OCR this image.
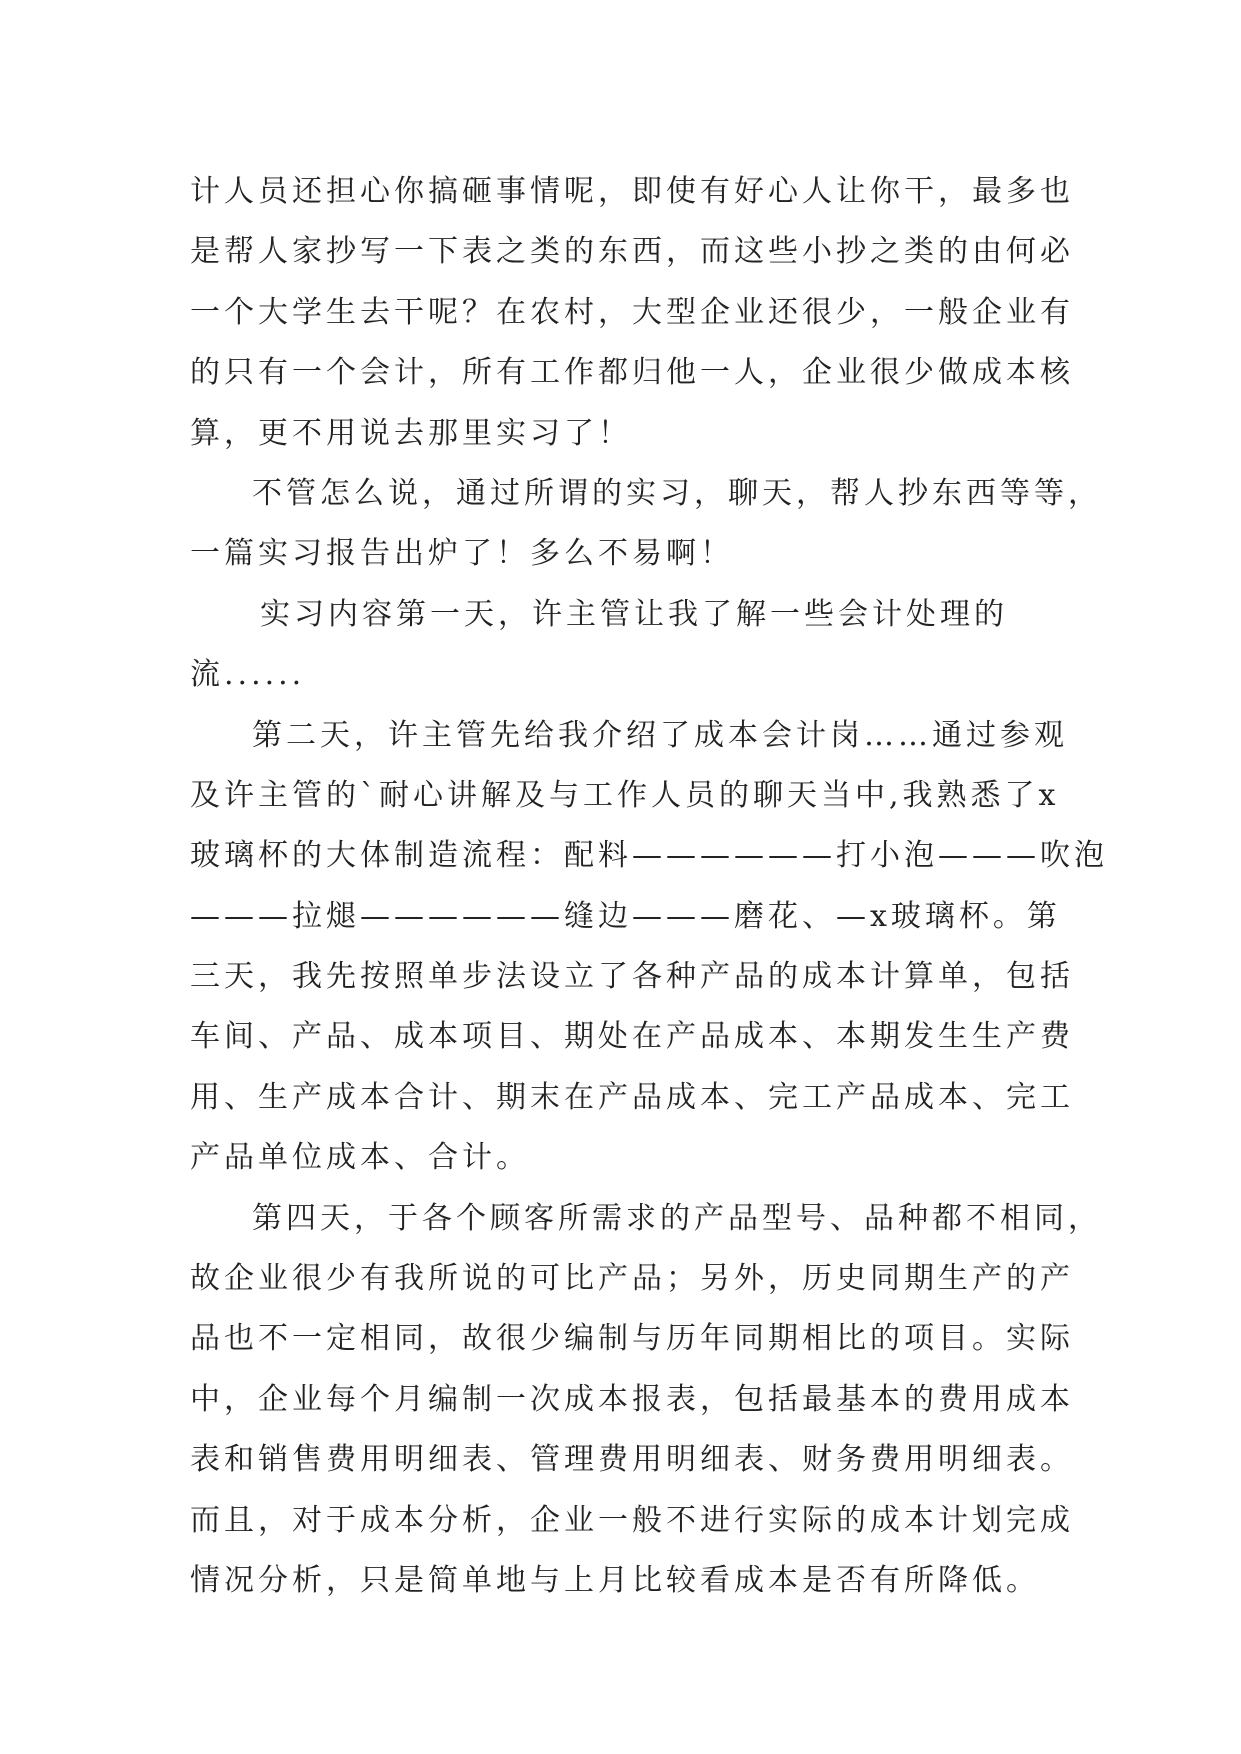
计人员还担心你搞砸事情呢，即使有好心人让你干，最多也
是帮人家抄写一下表之类的东西，而这些小抄之类的由何必
一个大学生去干呢？在农村，大型企业还很少，一般企业有
的只有一个会计，所有工作都归他一人，企业很少做成本核
算，更不用说去那里实习了！
不管怎么说，通过所谓的实习，聊天，帮人抄东西等等，
一篇实习报告出炉了！多么不易啊！
实习内容第一天，许主管让我了解一些会计处理的
流......
第二天，许主管先给我介绍了成本会计岗……通过参观
及许主管的`耐心讲解及与工作人员的聊天当中,我熟悉了x
玻璃杯的大体制造流程：配料——————打小泡———吹泡
———拉煺——————缝边———磨花、—x玻璃杯。第
三天，我先按照单步法设立了各种产品的成本计算单，包括
车间、产品、成本项目、期处在产品成本、本期发生生产费
用、生产成本合计、期末在产品成本、完工产品成本、完工
产品单位成本、合计。
第四天，于各个顾客所需求的产品型号、品种都不相同，
故企业很少有我所说的可比产品；另外，历史同期生产的产
品也不一定相同，故很少编制与历年同期相比的项目。实际
中，企业每个月编制一次成本报表，包括最基本的费用成本
表和销售费用明细表、管理费用明细表、财务费用明细表。
而且，对于成本分析，企业一般不进行实际的成本计划完成
情况分析，只是简单地与上月比较看成本是否有所降低。
